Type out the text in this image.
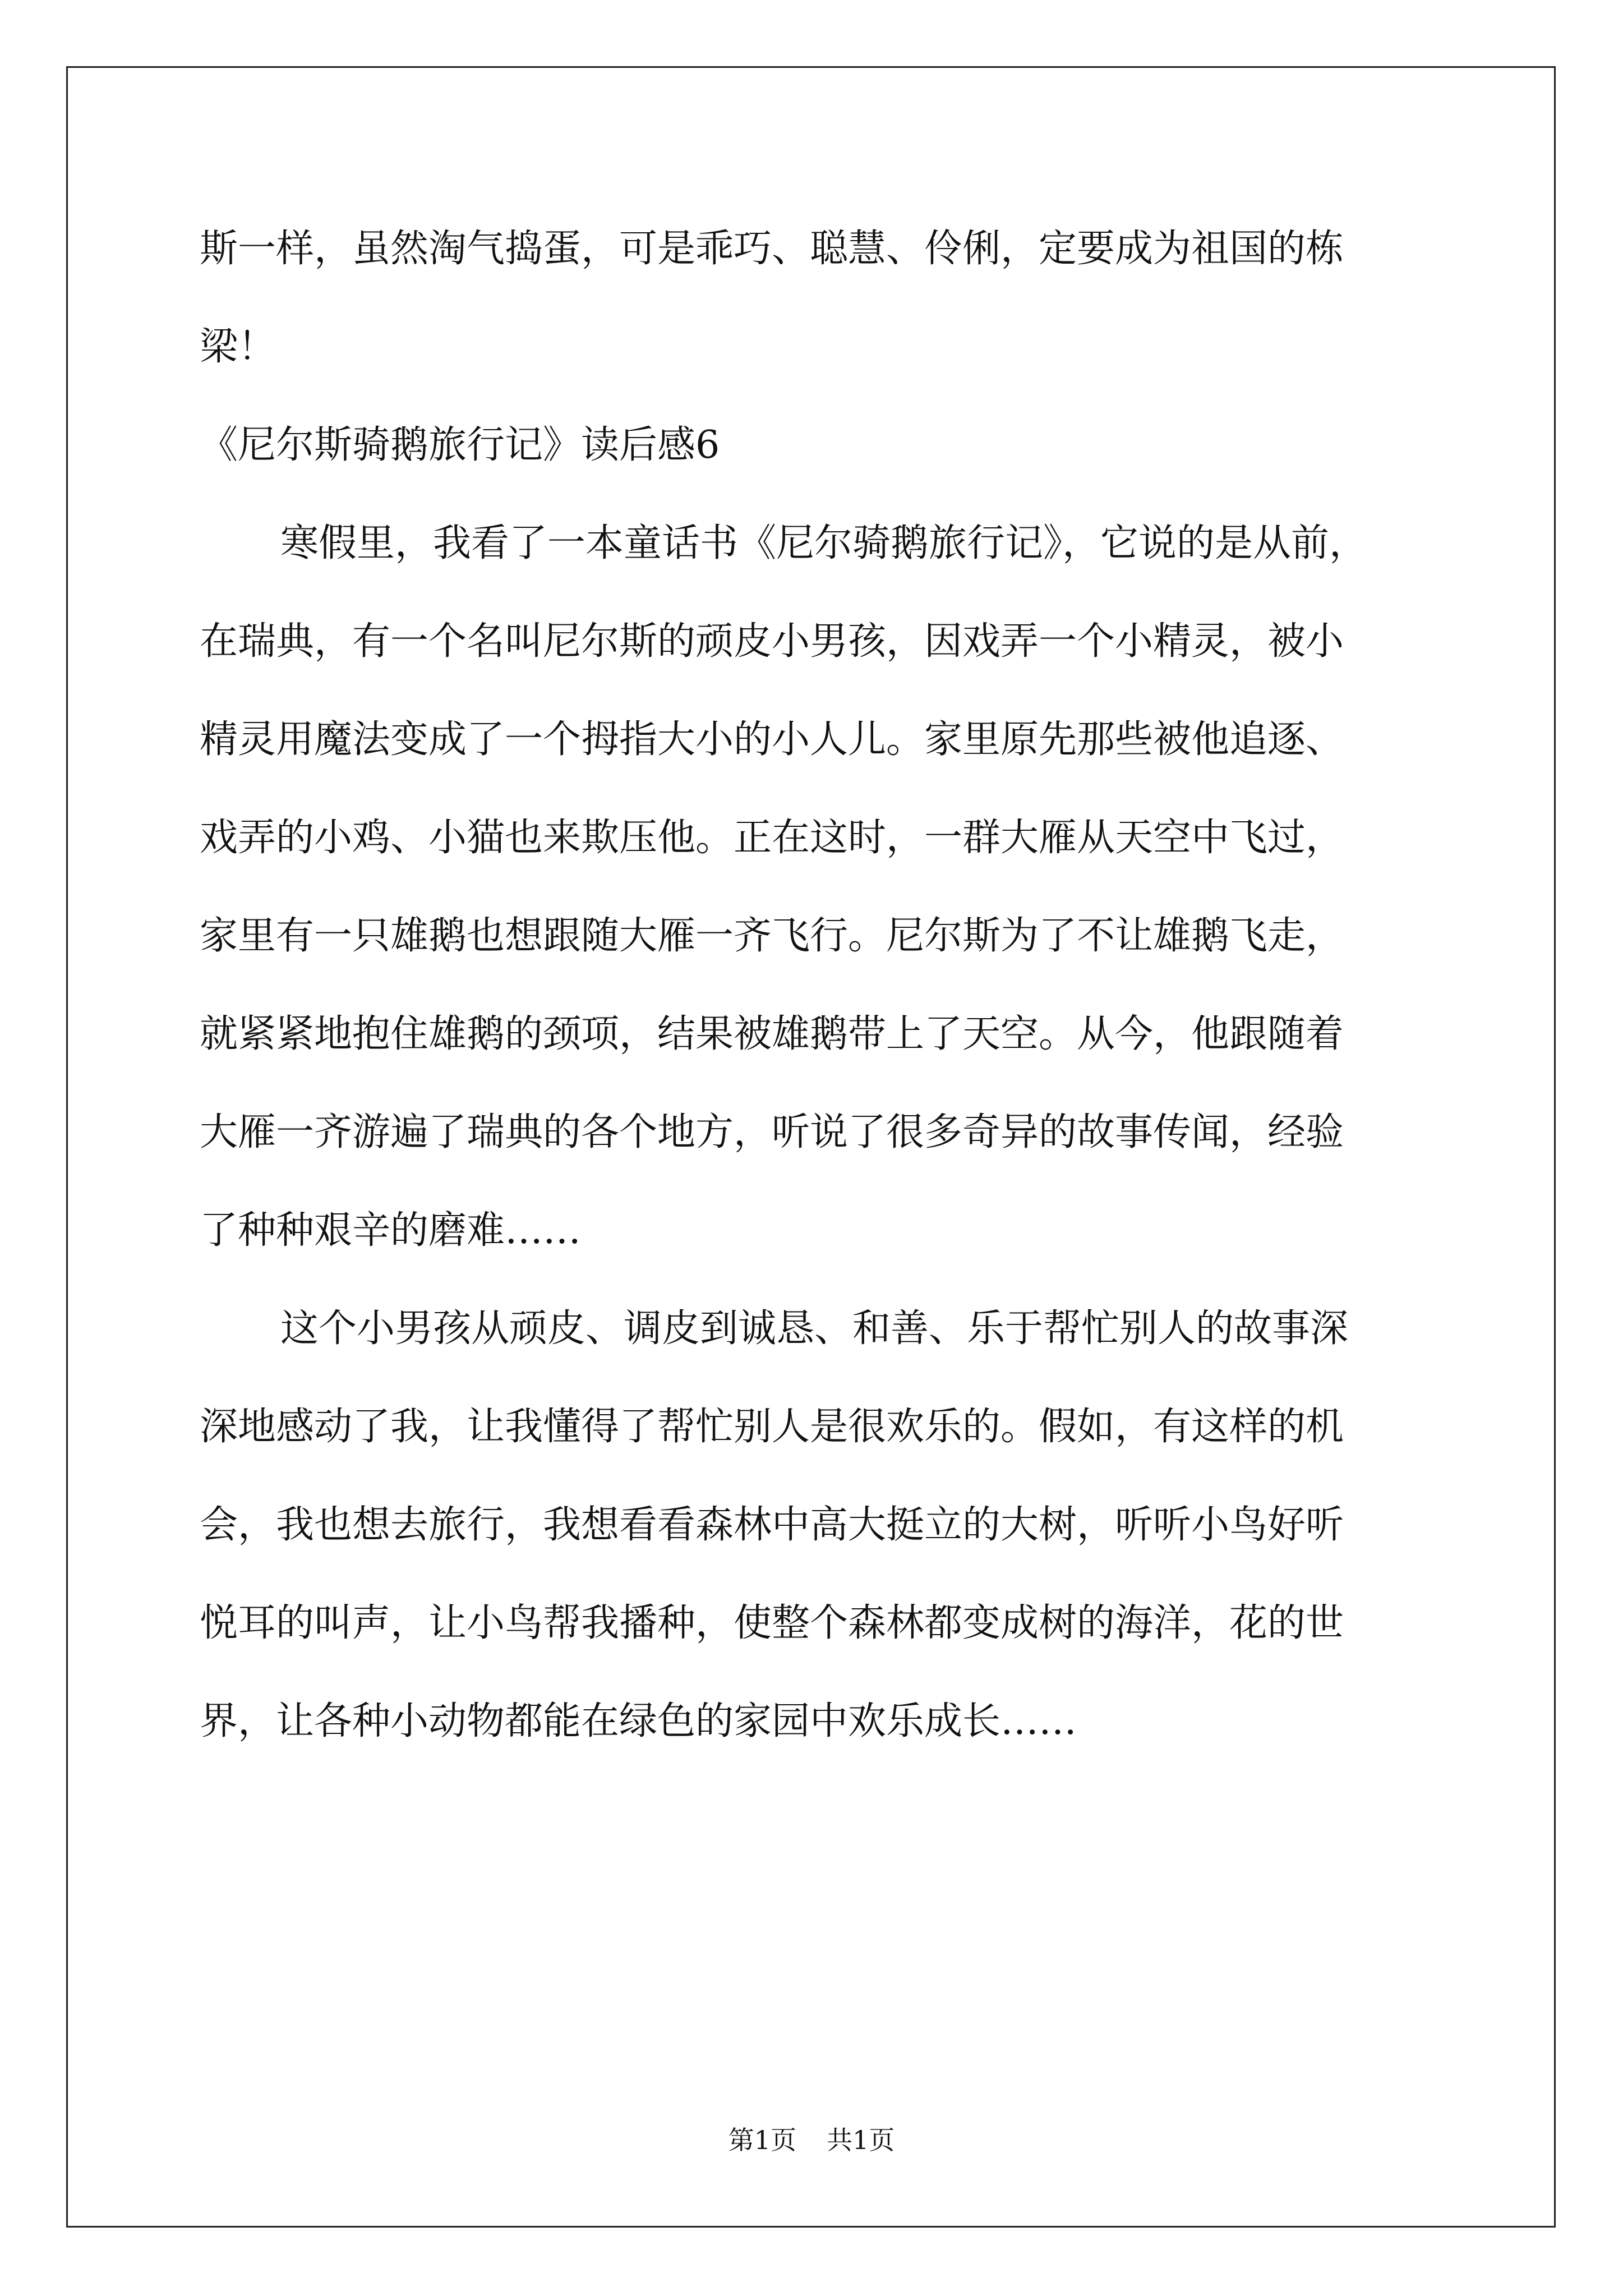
斯一样，虽然淘气捣蛋，可是乖巧、聪慧、伶俐，定要成为祖国的栋
梁！
《尼尔斯骑鹅旅行记》读后感6
寒假里，我看了一本童话书《尼尔骑鹅旅行记》，它说的是从前，
在瑞典，有一个名叫尼尔斯的顽皮小男孩，因戏弄一个小精灵，被小
精灵用魔法变成了一个拇指大小的小人儿。家里原先那些被他追逐、
戏弄的小鸡、小猫也来欺压他。正在这时，一群大雁从天空中飞过，
家里有一只雄鹅也想跟随大雁一齐飞行。尼尔斯为了不让雄鹅飞走，
就紧紧地抱住雄鹅的颈项，结果被雄鹅带上了天空。从今，他跟随着
大雁一齐游遍了瑞典的各个地方，听说了很多奇异的故事传闻，经验
了种种艰辛的磨难……
这个小男孩从顽皮、调皮到诚恳、和善、乐于帮忙别人的故事深
深地感动了我，让我懂得了帮忙别人是很欢乐的。假如，有这样的机
会，我也想去旅行，我想看看森林中高大挺立的大树，听听小鸟好听
悦耳的叫声，让小鸟帮我播种，使整个森林都变成树的海洋，花的世
界，让各种小动物都能在绿色的家园中欢乐成长……
第1页 共1页
